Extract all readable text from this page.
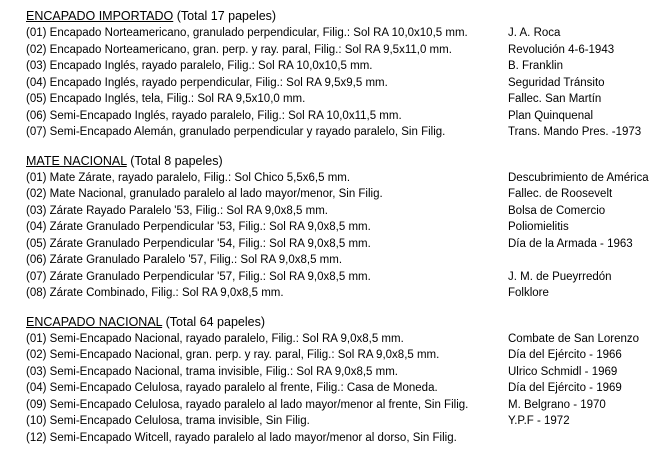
ENCAPADO IMPORTADO (Total 17 papeles)
(01) Encapado Norteamericano, granulado perpendicular, Filig.: Sol RA 10,0x10,5 mm.	J. A. Roca
(02) Encapado Norteamericano, gran. perp. y ray. paral, Filig.: Sol RA 9,5x11,0 mm.	Revolución 4-6-1943
(03) Encapado Inglés, rayado paralelo, Filig.: Sol RA 10,0x10,5 mm.	B. Franklin
(04) Encapado Inglés, rayado perpendicular, Filig.: Sol RA 9,5x9,5 mm.	Seguridad Tránsito
(05) Encapado Inglés, tela, Filig.: Sol RA 9,5x10,0 mm.	Fallec. San Martín
(06) Semi-Encapado Inglés, rayado paralelo, Filig.: Sol RA 10,0x11,5 mm.	Plan Quinquenal
(07) Semi-Encapado Alemán, granulado perpendicular y rayado paralelo, Sin Filig.	Trans. Mando Pres. -1973
MATE NACIONAL (Total 8 papeles)
(01) Mate Zárate, rayado paralelo, Filig.: Sol Chico 5,5x6,5 mm.	Descubrimiento de América
(02) Mate Nacional, granulado paralelo al lado mayor/menor, Sin Filig.	Fallec. de Roosevelt
(03) Zárate Rayado Paralelo '53, Filig.: Sol RA 9,0x8,5 mm.	Bolsa de Comercio
(04) Zárate Granulado Perpendicular '53, Filig.: Sol RA 9,0x8,5 mm.	Poliomielitis
(05) Zárate Granulado Perpendicular '54, Filig.: Sol RA 9,0x8,5 mm.	Día de la Armada - 1963
(06) Zárate Granulado Paralelo '57, Filig.: Sol RA 9,0x8,5 mm.
(07) Zárate Granulado Perpendicular '57, Filig.: Sol RA 9,0x8,5 mm.	J. M. de Pueyrredón
(08) Zárate Combinado, Filig.: Sol RA 9,0x8,5 mm.	Folklore
ENCAPADO NACIONAL (Total 64 papeles)
(01) Semi-Encapado Nacional, rayado paralelo, Filig.: Sol RA 9,0x8,5 mm.	Combate de San Lorenzo
(02) Semi-Encapado Nacional, gran. perp. y ray. paral, Filig.: Sol RA 9,0x8,5 mm.	Día del Ejército - 1966
(03) Semi-Encapado Nacional, trama invisible, Filig.: Sol RA 9,0x8,5 mm.	Ulrico Schmidl - 1969
(04) Semi-Encapado Celulosa, rayado paralelo al frente, Filig.: Casa de Moneda.	Día del Ejército - 1969
(09) Semi-Encapado Celulosa, rayado paralelo al lado mayor/menor al frente, Sin Filig.	M. Belgrano - 1970
(10) Semi-Encapado Celulosa, trama invisible, Sin Filig.	Y.P.F - 1972
(12) Semi-Encapado Witcell, rayado paralelo al lado mayor/menor al dorso, Sin Filig.
